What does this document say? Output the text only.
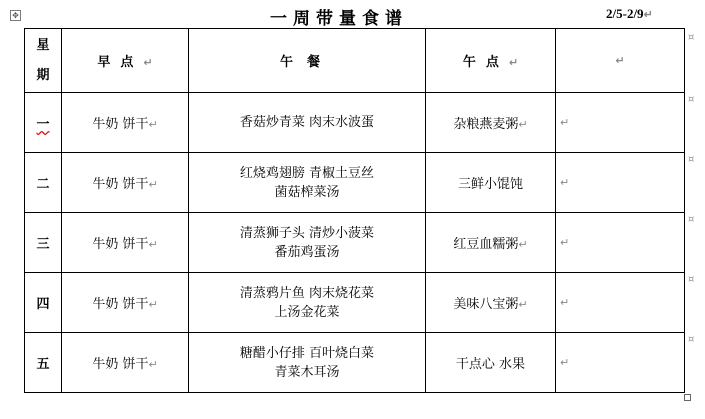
✥	一周带量食谱	2/5-2/9↵
星期	早点↵	午餐	午点↵	↵
一	牛奶 饼干↵	香菇炒青菜 肉末水波蛋	杂粮燕麦粥↵	↵
二	牛奶 饼干↵	红烧鸡翅膀 青椒土豆丝
菌菇榨菜汤	三鲜小馄饨	↵
三	牛奶 饼干↵	清蒸狮子头 清炒小菠菜
番茄鸡蛋汤	红豆血糯粥↵	↵
四	牛奶 饼干↵	清蒸鸦片鱼 肉末烧花菜
上汤金花菜	美味八宝粥↵	↵
五	牛奶 饼干↵	糖醋小仔排 百叶烧白菜
青菜木耳汤	干点心 水果	↵
¤
¤
¤
¤
¤
¤
